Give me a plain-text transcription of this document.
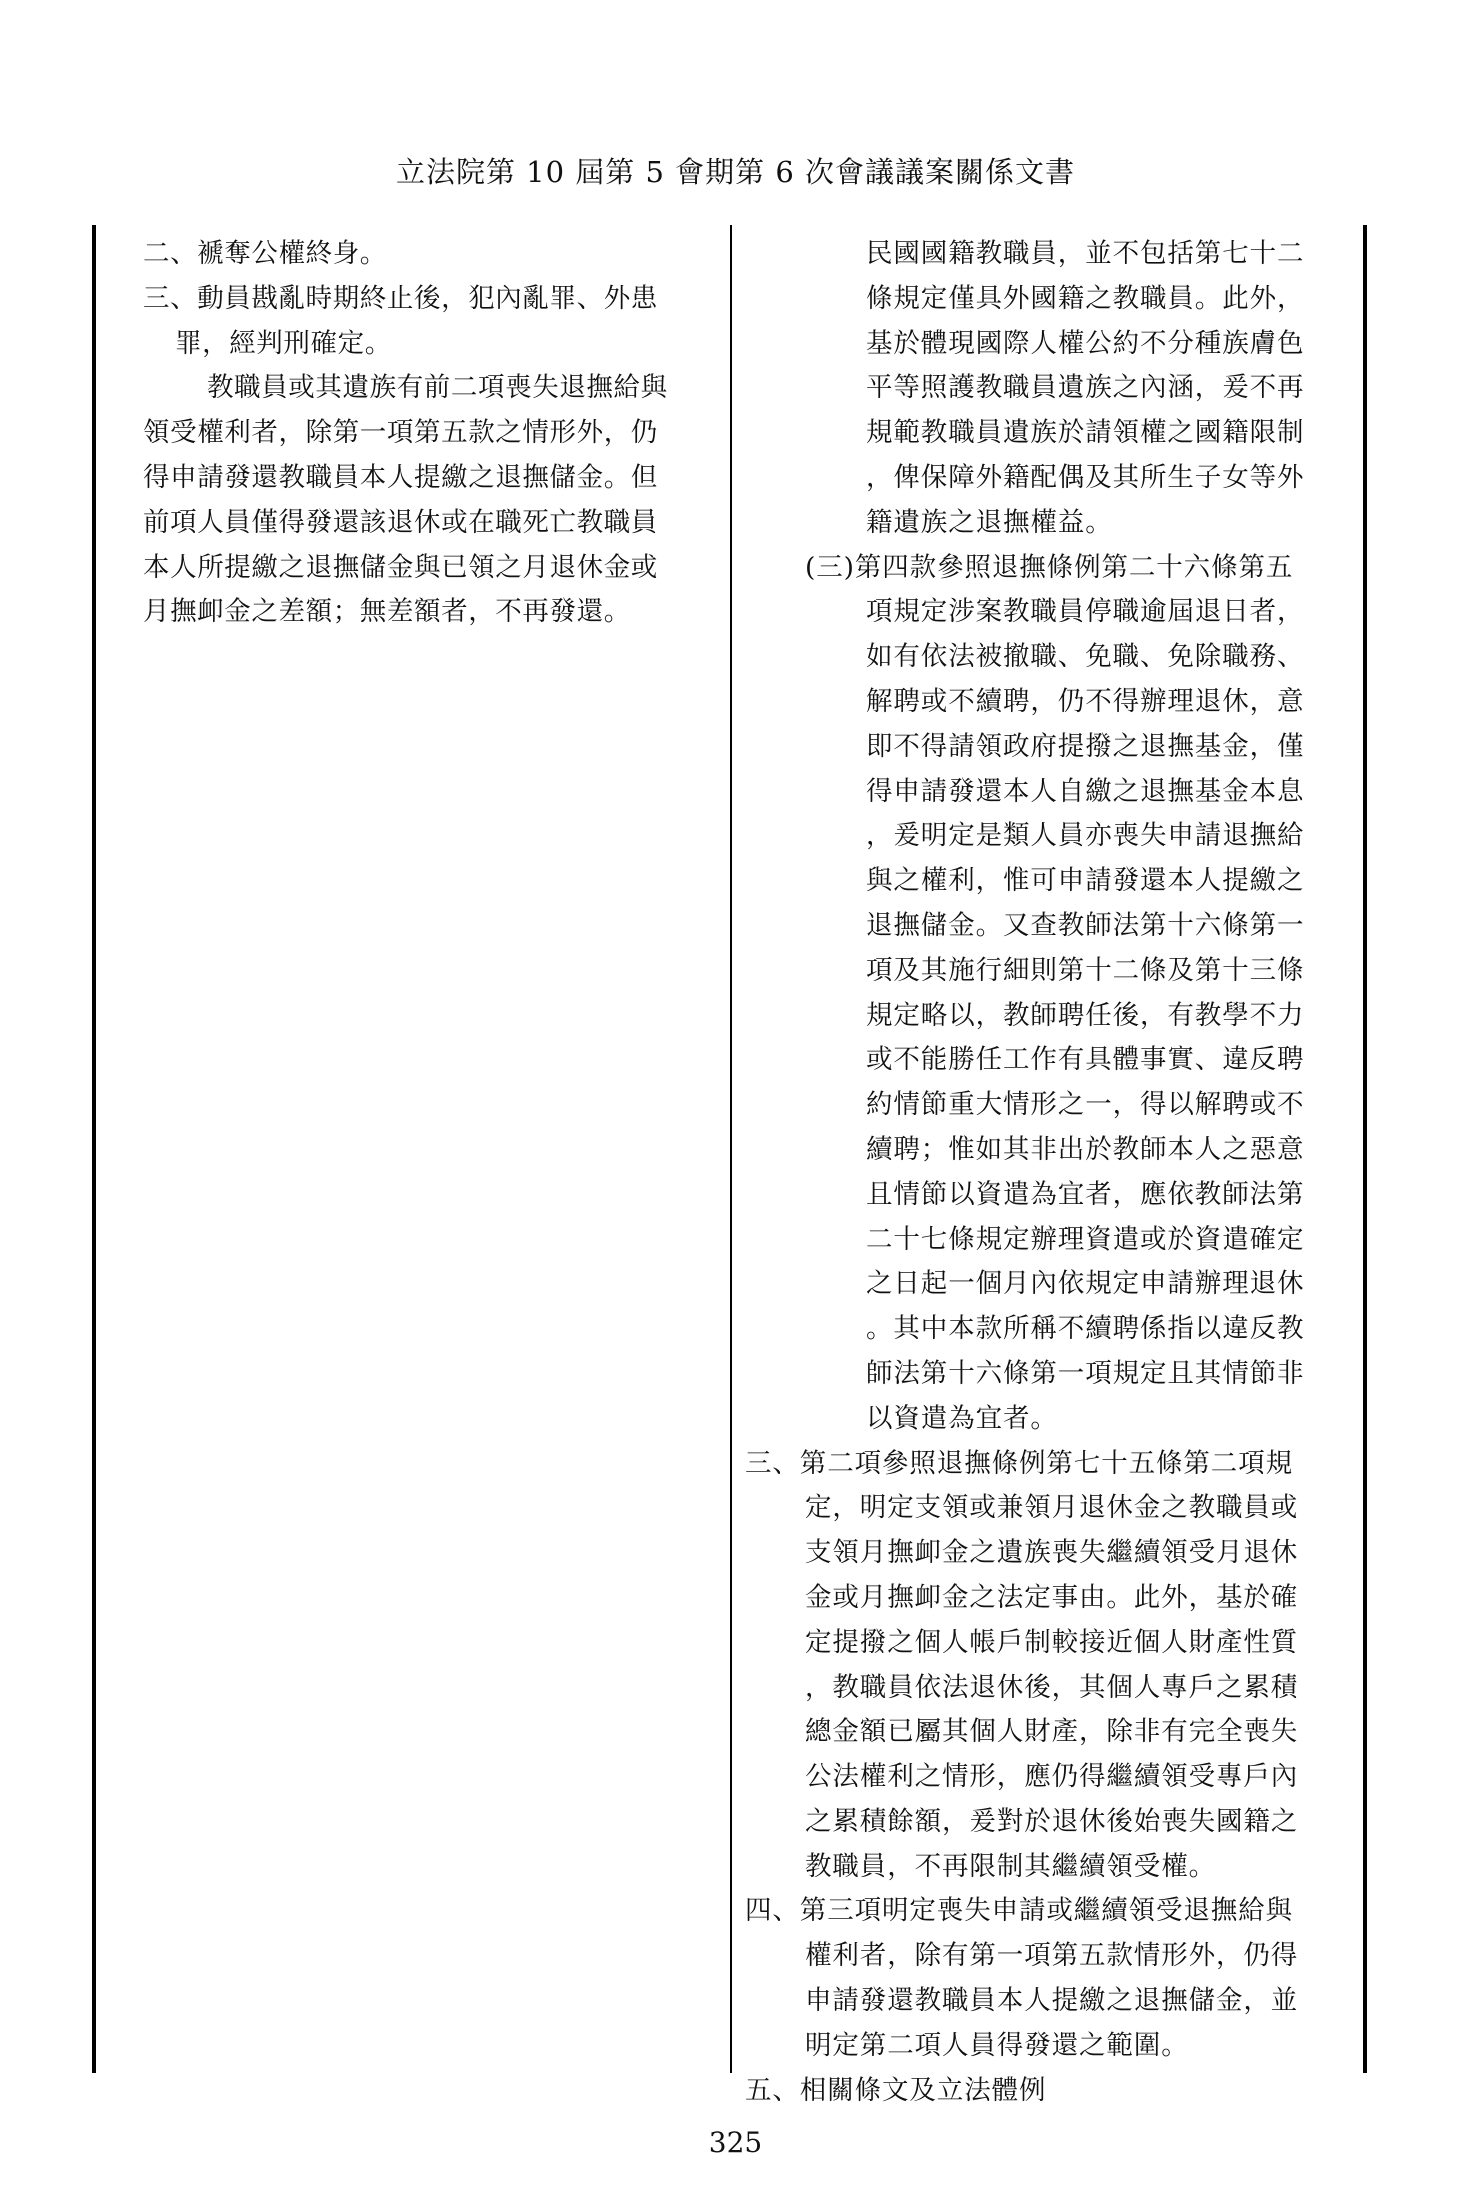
立法院第 10 屆第 5 會期第 6 次會議議案關係文書
二、褫奪公權終身。
三、動員戡亂時期終止後，犯內亂罪、外患
罪，經判刑確定。
教職員或其遺族有前二項喪失退撫給與
領受權利者，除第一項第五款之情形外，仍
得申請發還教職員本人提繳之退撫儲金。但
前項人員僅得發還該退休或在職死亡教職員
本人所提繳之退撫儲金與已領之月退休金或
月撫卹金之差額；無差額者，不再發還。
民國國籍教職員，並不包括第七十二
條規定僅具外國籍之教職員。此外，
基於體現國際人權公約不分種族膚色
平等照護教職員遺族之內涵，爰不再
規範教職員遺族於請領權之國籍限制
，俾保障外籍配偶及其所生子女等外
籍遺族之退撫權益。
(三)第四款參照退撫條例第二十六條第五
項規定涉案教職員停職逾屆退日者，
如有依法被撤職、免職、免除職務、
解聘或不續聘，仍不得辦理退休，意
即不得請領政府提撥之退撫基金，僅
得申請發還本人自繳之退撫基金本息
，爰明定是類人員亦喪失申請退撫給
與之權利，惟可申請發還本人提繳之
退撫儲金。又查教師法第十六條第一
項及其施行細則第十二條及第十三條
規定略以，教師聘任後，有教學不力
或不能勝任工作有具體事實、違反聘
約情節重大情形之一，得以解聘或不
續聘；惟如其非出於教師本人之惡意
且情節以資遣為宜者，應依教師法第
二十七條規定辦理資遣或於資遣確定
之日起一個月內依規定申請辦理退休
。其中本款所稱不續聘係指以違反教
師法第十六條第一項規定且其情節非
以資遣為宜者。
三、第二項參照退撫條例第七十五條第二項規
定，明定支領或兼領月退休金之教職員或
支領月撫卹金之遺族喪失繼續領受月退休
金或月撫卹金之法定事由。此外，基於確
定提撥之個人帳戶制較接近個人財產性質
，教職員依法退休後，其個人專戶之累積
總金額已屬其個人財產，除非有完全喪失
公法權利之情形，應仍得繼續領受專戶內
之累積餘額，爰對於退休後始喪失國籍之
教職員，不再限制其繼續領受權。
四、第三項明定喪失申請或繼續領受退撫給與
權利者，除有第一項第五款情形外，仍得
申請發還教職員本人提繳之退撫儲金，並
明定第二項人員得發還之範圍。
五、相關條文及立法體例
325
